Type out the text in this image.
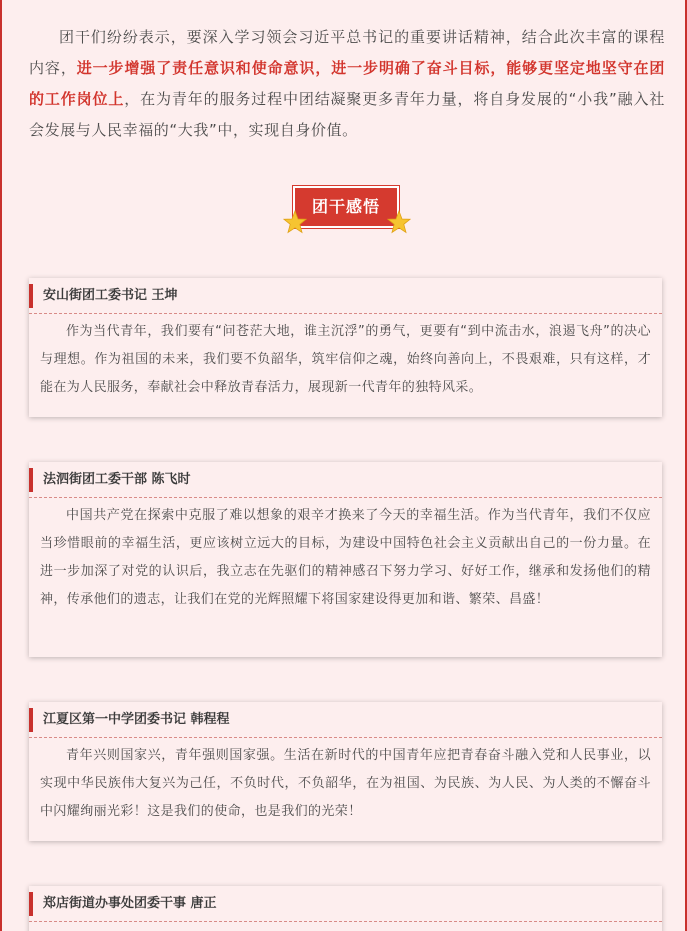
团干们纷纷表示，要深入学习领会习近平总书记的重要讲话精神，结合此次丰富的课程内容，进一步增强了责任意识和使命意识，进一步明确了奋斗目标，能够更坚定地坚守在团的工作岗位上，在为青年的服务过程中团结凝聚更多青年力量，将自身发展的“小我”融入社会发展与人民幸福的“大我”中，实现自身价值。

团干感悟
安山街团工委书记 王坤
作为当代青年，我们要有“问苍茫大地，谁主沉浮”的勇气，更要有“到中流击水，浪遏飞舟”的决心与理想。作为祖国的未来，我们要不负韶华，筑牢信仰之魂，始终向善向上，不畏艰难，只有这样，才能在为人民服务，奉献社会中释放青春活力，展现新一代青年的独特风采。
法泗街团工委干部 陈飞时
中国共产党在探索中克服了难以想象的艰辛才换来了今天的幸福生活。作为当代青年，我们不仅应当珍惜眼前的幸福生活，更应该树立远大的目标，为建设中国特色社会主义贡献出自己的一份力量。在进一步加深了对党的认识后，我立志在先驱们的精神感召下努力学习、好好工作，继承和发扬他们的精神，传承他们的遗志，让我们在党的光辉照耀下将国家建设得更加和谐、繁荣、昌盛！
江夏区第一中学团委书记 韩程程
青年兴则国家兴，青年强则国家强。生活在新时代的中国青年应把青春奋斗融入党和人民事业，以实现中华民族伟大复兴为己任，不负时代，不负韶华，在为祖国、为民族、为人民、为人类的不懈奋斗中闪耀绚丽光彩！这是我们的使命，也是我们的光荣！
郑店街道办事处团委干事 唐正
